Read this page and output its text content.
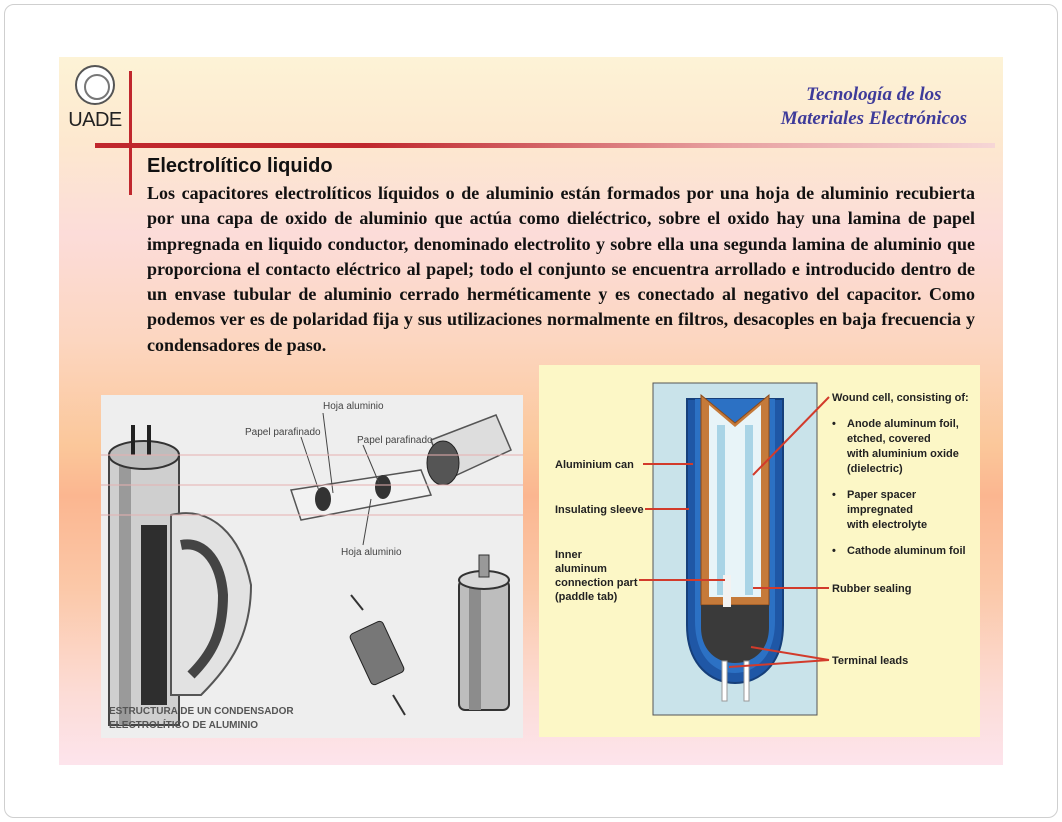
UADE
Tecnología de los
Materiales Electrónicos
Electrolítico liquido
Los capacitores electrolíticos líquidos o de aluminio están formados por una hoja de aluminio recubierta por una capa de oxido de aluminio que actúa como dieléctrico, sobre el oxido hay una lamina de papel impregnada en liquido conductor, denominado electrolito y sobre ella una segunda lamina de aluminio que proporciona el contacto eléctrico al papel; todo el conjunto se encuentra arrollado e introducido dentro de un envase tubular de aluminio cerrado herméticamente y es conectado al negativo del capacitor. Como podemos ver es de polaridad fija y sus utilizaciones normalmente en filtros, desacoples en baja frecuencia y condensadores de paso.
Hoja aluminio
Papel parafinado
Papel parafinado
Hoja aluminio
ESTRUCTURA DE UN CONDENSADOR
ELECTROLÍTICO DE ALUMINIO
Aluminium can
Insulating sleeve
Inner
aluminum
connection part
(paddle tab)
Wound cell, consisting of:
• Anode aluminum foil,
etched, covered
with aluminium oxide
(dielectric)
• Paper spacer
impregnated
with electrolyte
• Cathode aluminum foil
Rubber sealing
Terminal leads
